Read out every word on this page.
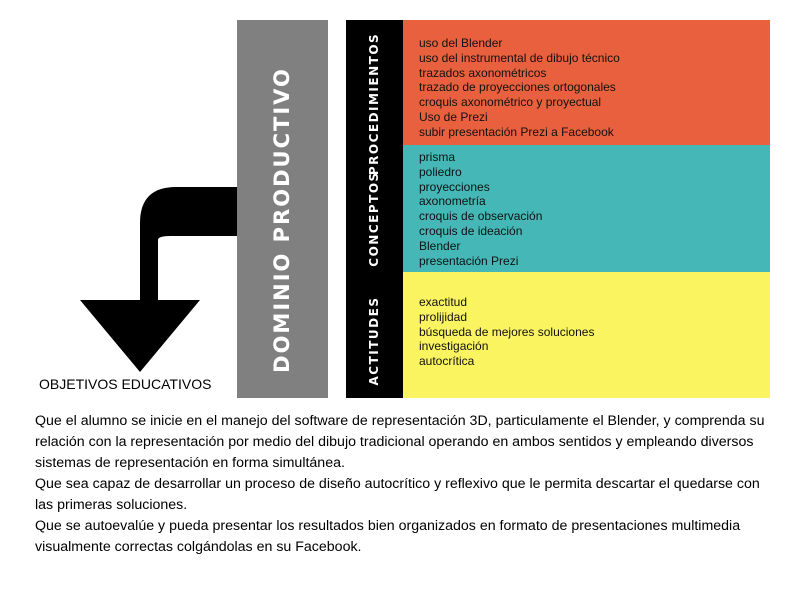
DOMINIO PRODUCTIVO	PROCEDIMIENTOS
CONCEPTOS
ACTITUDES
uso del Blender
uso del instrumental de dibujo técnico
trazados axonométricos
trazado de proyecciones ortogonales
croquis axonométrico y proyectual
Uso de Prezi
subir presentación Prezi a Facebook
prisma
poliedro
proyecciones
axonometría
croquis de observación
croquis de ideación
Blender
presentación Prezi
exactitud
prolijidad
búsqueda de mejores soluciones
investigación
autocrítica
OBJETIVOS EDUCATIVOS

Que el alumno se inicie en el manejo del software de representación 3D, particulamente el Blender, y comprenda su relación con la representación por medio del dibujo tradicional operando en ambos sentidos y empleando diversos sistemas de representación en forma simultánea.

Que sea capaz de desarrollar un proceso de diseño autocrítico y reflexivo que le permita descartar el quedarse con las primeras soluciones.

Que se autoevalúe y pueda presentar los resultados bien organizados en formato de presentaciones multimedia visualmente correctas colgándolas en su Facebook.
